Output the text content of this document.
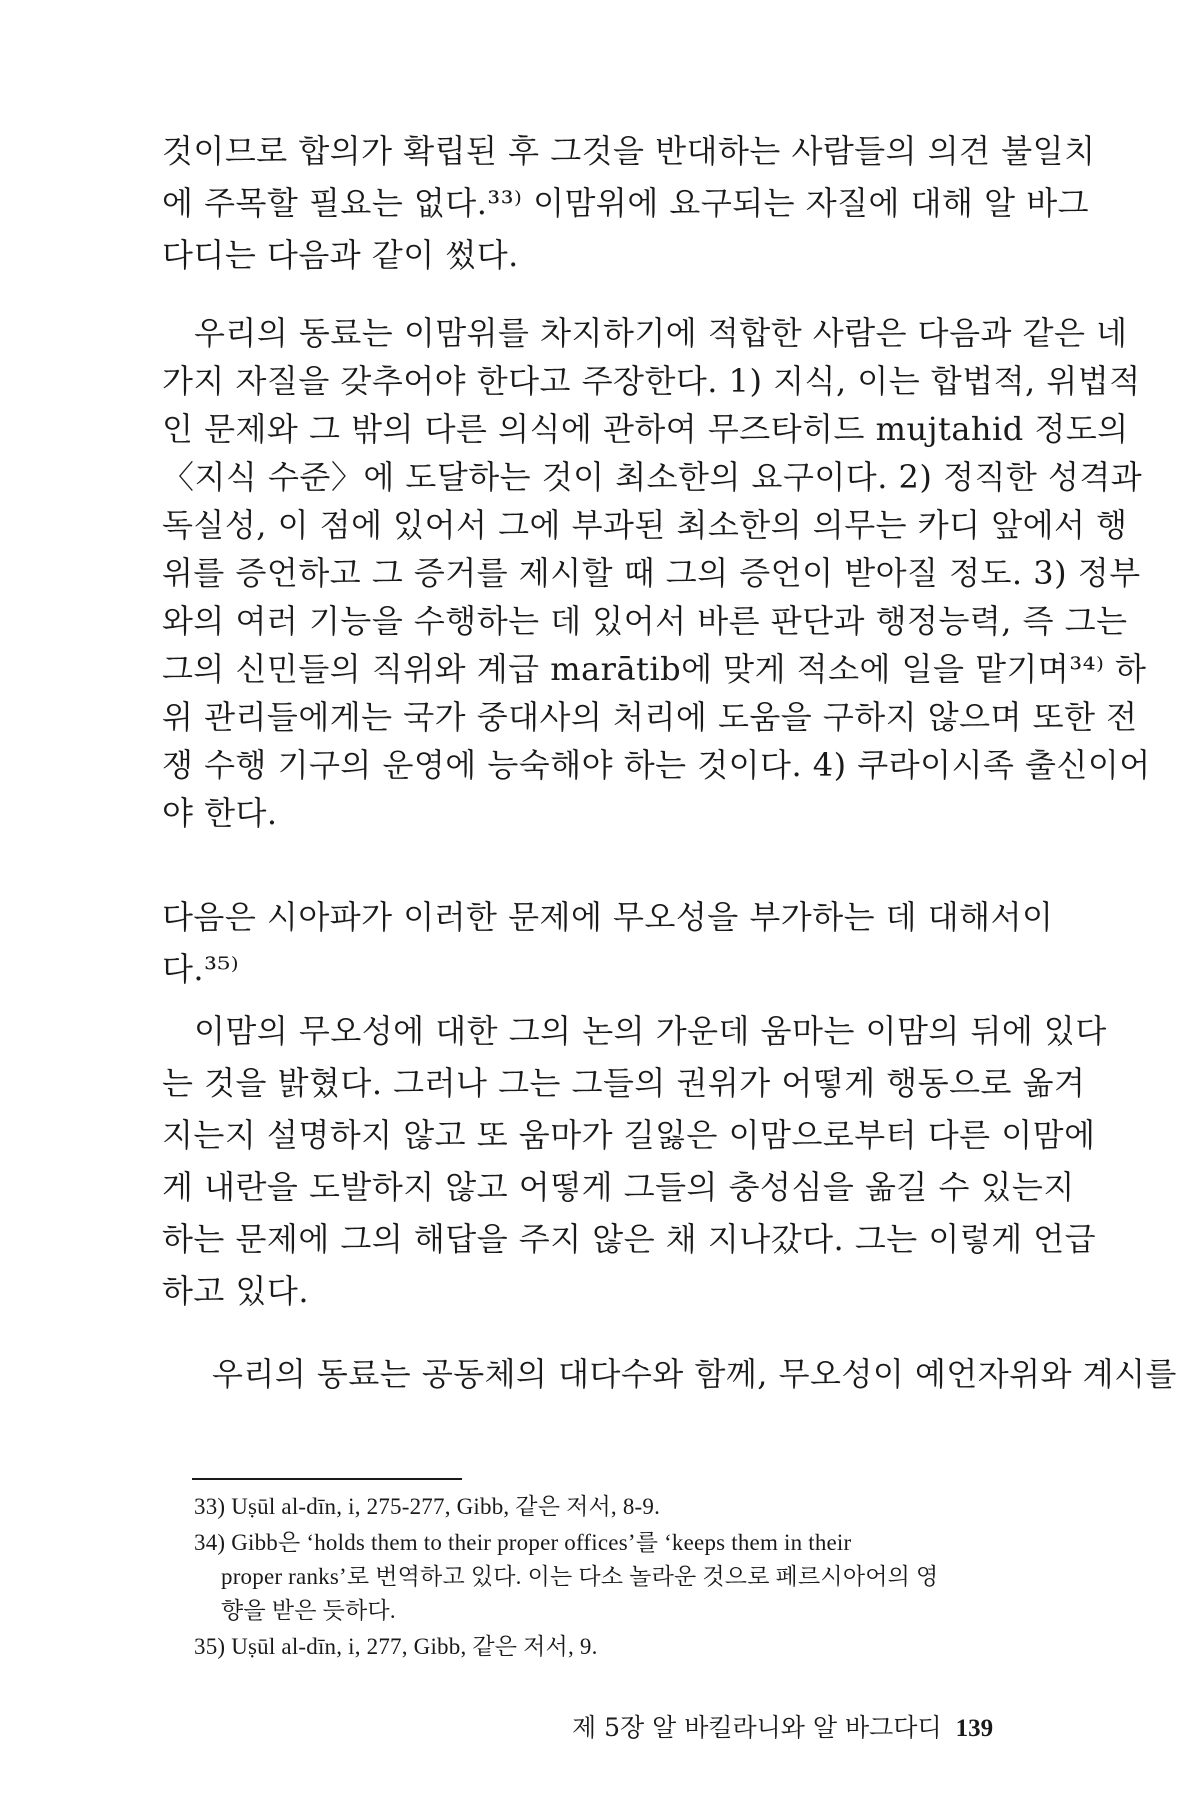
것이므로 합의가 확립된 후 그것을 반대하는 사람들의 의견 불일치
에 주목할 필요는 없다.³³⁾ 이맘위에 요구되는 자질에 대해 알 바그
다디는 다음과 같이 썼다.
우리의 동료는 이맘위를 차지하기에 적합한 사람은 다음과 같은 네
가지 자질을 갖추어야 한다고 주장한다. 1) 지식, 이는 합법적, 위법적
인 문제와 그 밖의 다른 의식에 관하여 무즈타히드 mujtahid 정도의
〈지식 수준〉에 도달하는 것이 최소한의 요구이다. 2) 정직한 성격과
독실성, 이 점에 있어서 그에 부과된 최소한의 의무는 카디 앞에서 행
위를 증언하고 그 증거를 제시할 때 그의 증언이 받아질 정도. 3) 정부
와의 여러 기능을 수행하는 데 있어서 바른 판단과 행정능력, 즉 그는
그의 신민들의 직위와 계급 marātib에 맞게 적소에 일을 맡기며³⁴⁾ 하
위 관리들에게는 국가 중대사의 처리에 도움을 구하지 않으며 또한 전
쟁 수행 기구의 운영에 능숙해야 하는 것이다. 4) 쿠라이시족 출신이어
야 한다.
다음은 시아파가 이러한 문제에 무오성을 부가하는 데 대해서이
다.³⁵⁾
이맘의 무오성에 대한 그의 논의 가운데 움마는 이맘의 뒤에 있다
는 것을 밝혔다. 그러나 그는 그들의 권위가 어떻게 행동으로 옮겨
지는지 설명하지 않고 또 움마가 길잃은 이맘으로부터 다른 이맘에
게 내란을 도발하지 않고 어떻게 그들의 충성심을 옮길 수 있는지
하는 문제에 그의 해답을 주지 않은 채 지나갔다. 그는 이렇게 언급
하고 있다.
우리의 동료는 공동체의 대다수와 함께, 무오성이 예언자위와 계시를
33) Uṣūl al-dīn, i, 275-277, Gibb, 같은 저서, 8-9.
34) Gibb은 ‘holds them to their proper offices’를 ‘keeps them in their
proper ranks’로 번역하고 있다. 이는 다소 놀라운 것으로 페르시아어의 영
향을 받은 듯하다.
35) Uṣūl al-dīn, i, 277, Gibb, 같은 저서, 9.
제 5장 알 바킬라니와 알 바그다디 139
